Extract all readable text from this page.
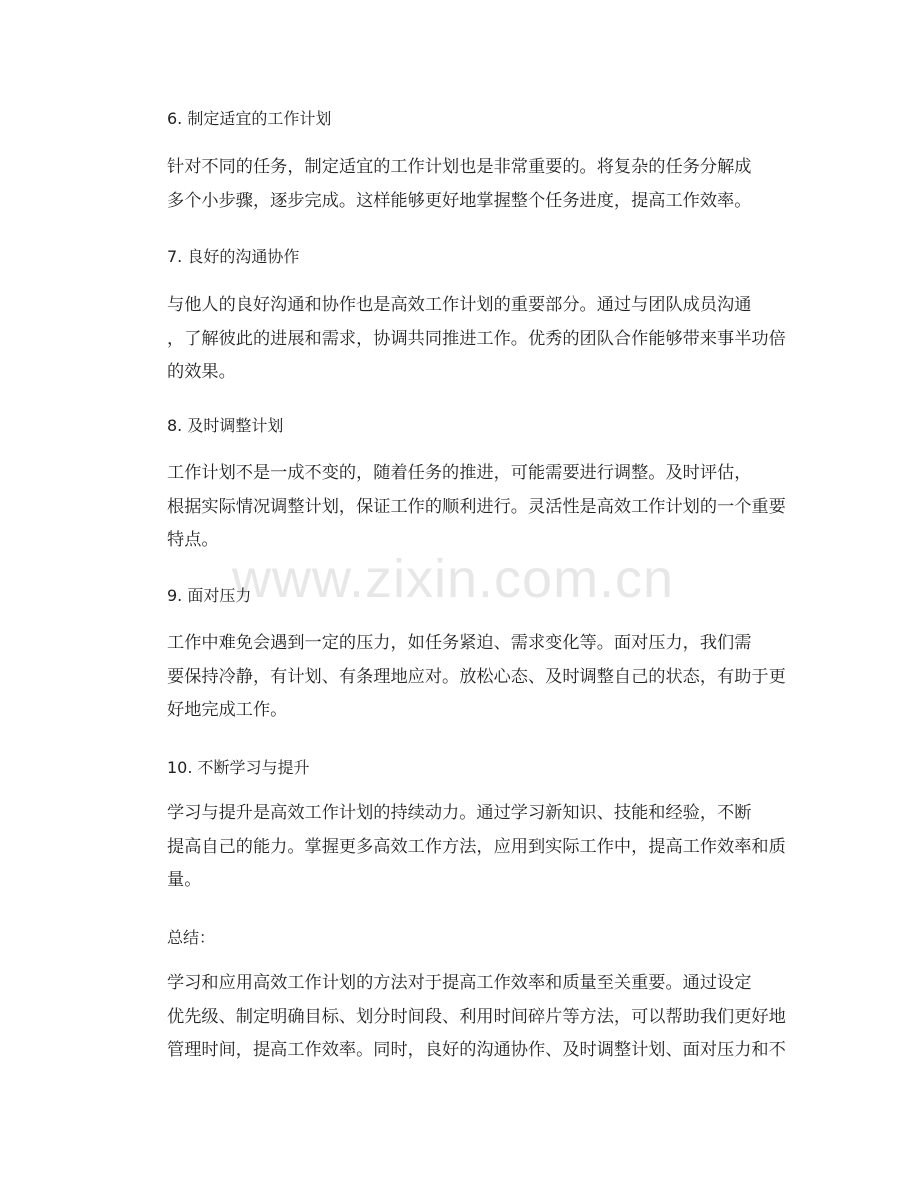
6. 制定适宜的工作计划
针对不同的任务，制定适宜的工作计划也是非常重要的。将复杂的任务分解成
多个小步骤，逐步完成。这样能够更好地掌握整个任务进度，提高工作效率。
7. 良好的沟通协作
与他人的良好沟通和协作也是高效工作计划的重要部分。通过与团队成员沟通
，了解彼此的进展和需求，协调共同推进工作。优秀的团队合作能够带来事半功倍
的效果。
8. 及时调整计划
工作计划不是一成不变的，随着任务的推进，可能需要进行调整。及时评估，
根据实际情况调整计划，保证工作的顺利进行。灵活性是高效工作计划的一个重要
特点。
9. 面对压力
工作中难免会遇到一定的压力，如任务紧迫、需求变化等。面对压力，我们需
要保持冷静，有计划、有条理地应对。放松心态、及时调整自己的状态，有助于更
好地完成工作。
10. 不断学习与提升
学习与提升是高效工作计划的持续动力。通过学习新知识、技能和经验，不断
提高自己的能力。掌握更多高效工作方法，应用到实际工作中，提高工作效率和质
量。
总结：
学习和应用高效工作计划的方法对于提高工作效率和质量至关重要。通过设定
优先级、制定明确目标、划分时间段、利用时间碎片等方法，可以帮助我们更好地
管理时间，提高工作效率。同时，良好的沟通协作、及时调整计划、面对压力和不
www.zixin.com.cn
